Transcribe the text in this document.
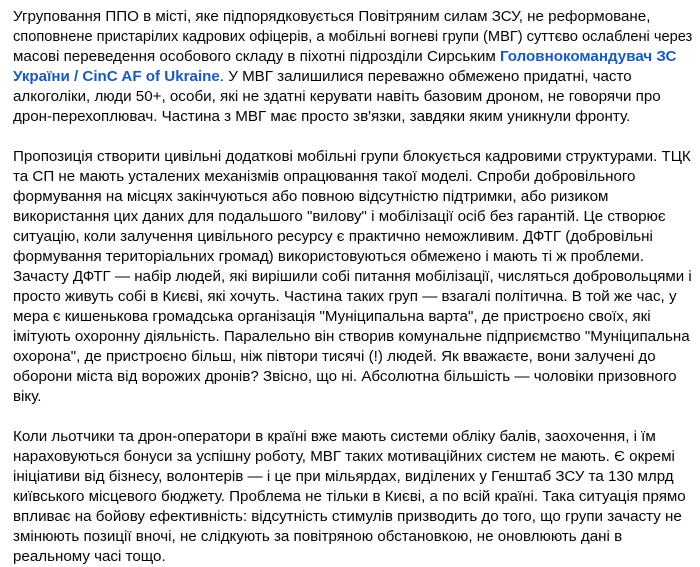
Угруповання ППО в місті, яке підпорядковується Повітряним силам ЗСУ, не реформоване,
споповнене пристарілих кадрових офіцерів, а мобільні вогневі групи (МВГ) суттєво ослаблені через
масові переведення особового складу в піхотні підрозділи Сирським Головнокомандувач ЗС
України / CinC AF of Ukraine. У МВГ залишилися переважно обмежено придатні, часто
алкоголіки, люди 50+, особи, які не здатні керувати навіть базовим дроном, не говорячи про
дрон-перехоплювач. Частина з МВГ має просто зв'язки, завдяки яким уникнули фронту.

Пропозиція створити цивільні додаткові мобільні групи блокується кадровими структурами. ТЦК
та СП не мають усталених механізмів опрацювання такої моделі. Спроби добровільного
формування на місцях закінчуються або повною відсутністю підтримки, або ризиком
використання цих даних для подальшого "вилову" і мобілізації осіб без гарантій. Це створює
ситуацію, коли залучення цивільного ресурсу є практично неможливим. ДФТГ (добровільні
формування територіальних громад) використовуються обмежено і мають ті ж проблеми.
Зачасту ДФТГ — набір людей, які вирішили собі питання мобілізації, числяться добровольцями і
просто живуть собі в Києві, які хочуть. Частина таких груп — взагалі політична. В той же час, у
мера є кишенькова громадська організація "Муніципальна варта", де пристроєно своїх, які
імітують охоронну діяльність. Паралельно він створив комунальне підприємство "Муніципальна
охорона", де пристроєно більш, ніж півтори тисячі (!) людей. Як вважаєте, вони залучені до
оборони міста від ворожих дронів? Звісно, що ні. Абсолютна більшість — чоловіки призовного
віку.

Коли льотчики та дрон-оператори в країні вже мають системи обліку балів, заохочення, і їм
нараховуються бонуси за успішну роботу, МВГ таких мотиваційних систем не мають. Є окремі
ініціативи від бізнесу, волонтерів — і це при мільярдах, виділених у Генштаб ЗСУ та 130 млрд
київського місцевого бюджету. Проблема не тільки в Києві, а по всій країні. Така ситуація прямо
впливає на бойову ефективність: відсутність стимулів призводить до того, що групи зачасту не
змінюють позиції вночі, не слідкують за повітряною обстановкою, не оновлюють дані в
реальному часі тощо.
